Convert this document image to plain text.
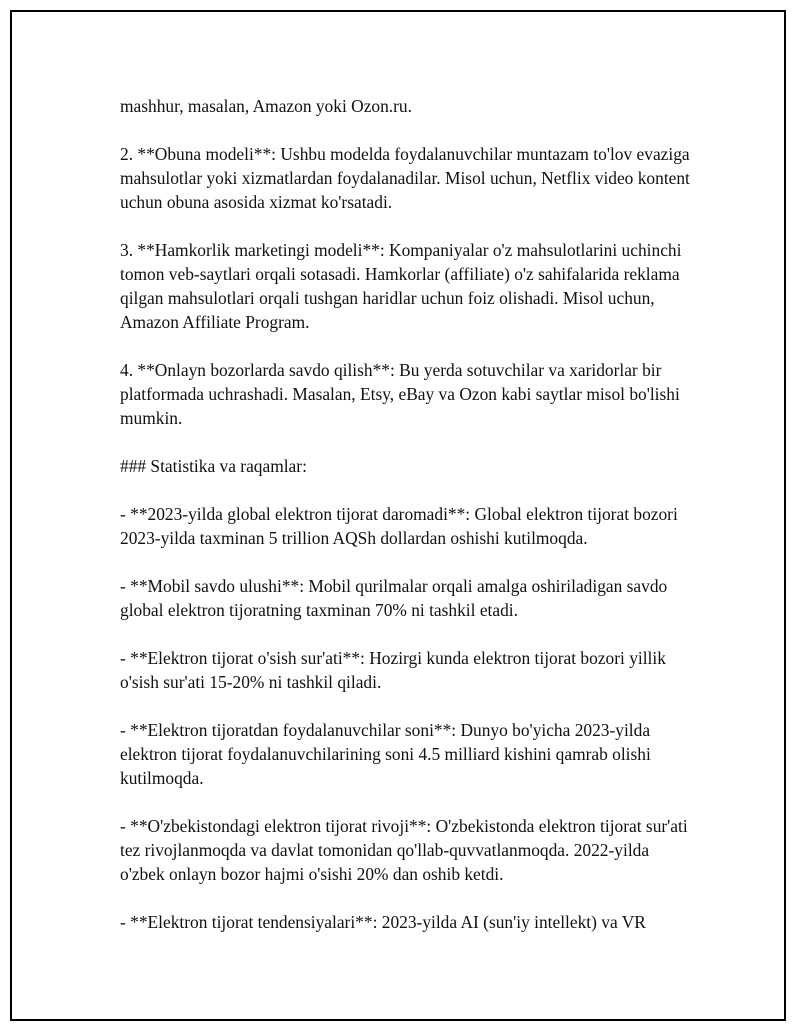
mashhur, masalan, Amazon yoki Ozon.ru.

2. **Obuna modeli**: Ushbu modelda foydalanuvchilar muntazam to'lov evaziga mahsulotlar yoki xizmatlardan foydalanadilar. Misol uchun, Netflix video kontent uchun obuna asosida xizmat ko'rsatadi.

3. **Hamkorlik marketingi modeli**: Kompaniyalar o'z mahsulotlarini uchinchi tomon veb-saytlari orqali sotasadi. Hamkorlar (affiliate) o'z sahifalarida reklama qilgan mahsulotlari orqali tushgan haridlar uchun foiz olishadi. Misol uchun, Amazon Affiliate Program.

4. **Onlayn bozorlarda savdo qilish**: Bu yerda sotuvchilar va xaridorlar bir platformada uchrashadi. Masalan, Etsy, eBay va Ozon kabi saytlar misol bo'lishi mumkin.

### Statistika va raqamlar:

- **2023-yilda global elektron tijorat daromadi**: Global elektron tijorat bozori 2023-yilda taxminan 5 trillion AQSh dollardan oshishi kutilmoqda.

- **Mobil savdo ulushi**: Mobil qurilmalar orqali amalga oshiriladigan savdo global elektron tijoratning taxminan 70% ni tashkil etadi.

- **Elektron tijorat o'sish sur'ati**: Hozirgi kunda elektron tijorat bozori yillik o'sish sur'ati 15-20% ni tashkil qiladi.

- **Elektron tijoratdan foydalanuvchilar soni**: Dunyo bo'yicha 2023-yilda elektron tijorat foydalanuvchilarining soni 4.5 milliard kishini qamrab olishi kutilmoqda.

- **O'zbekistondagi elektron tijorat rivoji**: O'zbekistonda elektron tijorat sur'ati tez rivojlanmoqda va davlat tomonidan qo'llab-quvvatlanmoqda. 2022-yilda o'zbek onlayn bozor hajmi o'sishi 20% dan oshib ketdi.

- **Elektron tijorat tendensiyalari**: 2023-yilda AI (sun'iy intellekt) va VR
